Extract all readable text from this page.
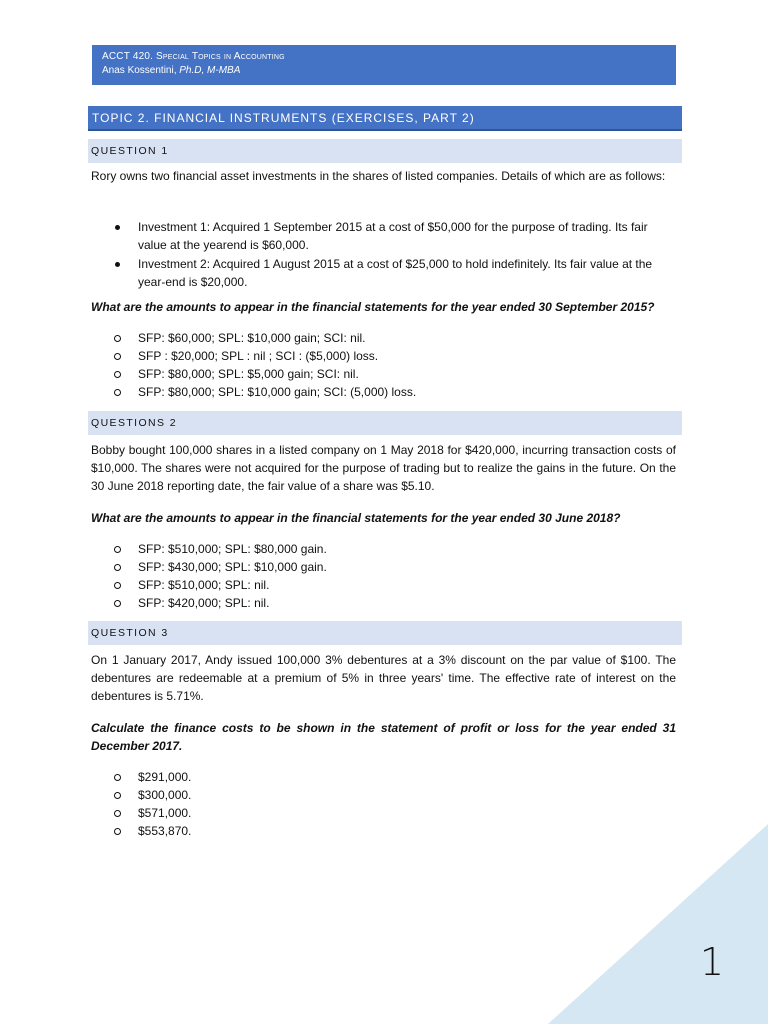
1
ACCT 420. Special Topics in Accounting
Anas Kossentini, Ph.D, M-MBA
TOPIC 2. FINANCIAL INSTRUMENTS (EXERCISES, PART 2)
QUESTION 1
Rory owns two financial asset investments in the shares of listed companies. Details of which are as follows:
Investment 1: Acquired 1 September 2015 at a cost of $50,000 for the purpose of trading. Its fair value at the yearend is $60,000.
Investment 2: Acquired 1 August 2015 at a cost of $25,000 to hold indefinitely. Its fair value at the year-end is $20,000.
What are the amounts to appear in the financial statements for the year ended 30 September 2015?
SFP: $60,000; SPL: $10,000 gain; SCI: nil.
SFP : $20,000; SPL : nil ; SCI : ($5,000) loss.
SFP: $80,000; SPL: $5,000 gain; SCI: nil.
SFP: $80,000; SPL: $10,000 gain; SCI: (5,000) loss.
QUESTIONS 2
Bobby bought 100,000 shares in a listed company on 1 May 2018 for $420,000, incurring transaction costs of $10,000. The shares were not acquired for the purpose of trading but to realize the gains in the future. On the 30 June 2018 reporting date, the fair value of a share was $5.10.
What are the amounts to appear in the financial statements for the year ended 30 June 2018?
SFP: $510,000; SPL: $80,000 gain.
SFP: $430,000; SPL: $10,000 gain.
SFP: $510,000; SPL: nil.
SFP: $420,000; SPL: nil.
QUESTION 3
On 1 January 2017, Andy issued 100,000 3% debentures at a 3% discount on the par value of $100. The debentures are redeemable at a premium of 5% in three years' time. The effective rate of interest on the debentures is 5.71%.
Calculate the finance costs to be shown in the statement of profit or loss for the year ended 31 December 2017.
$291,000.
$300,000.
$571,000.
$553,870.
